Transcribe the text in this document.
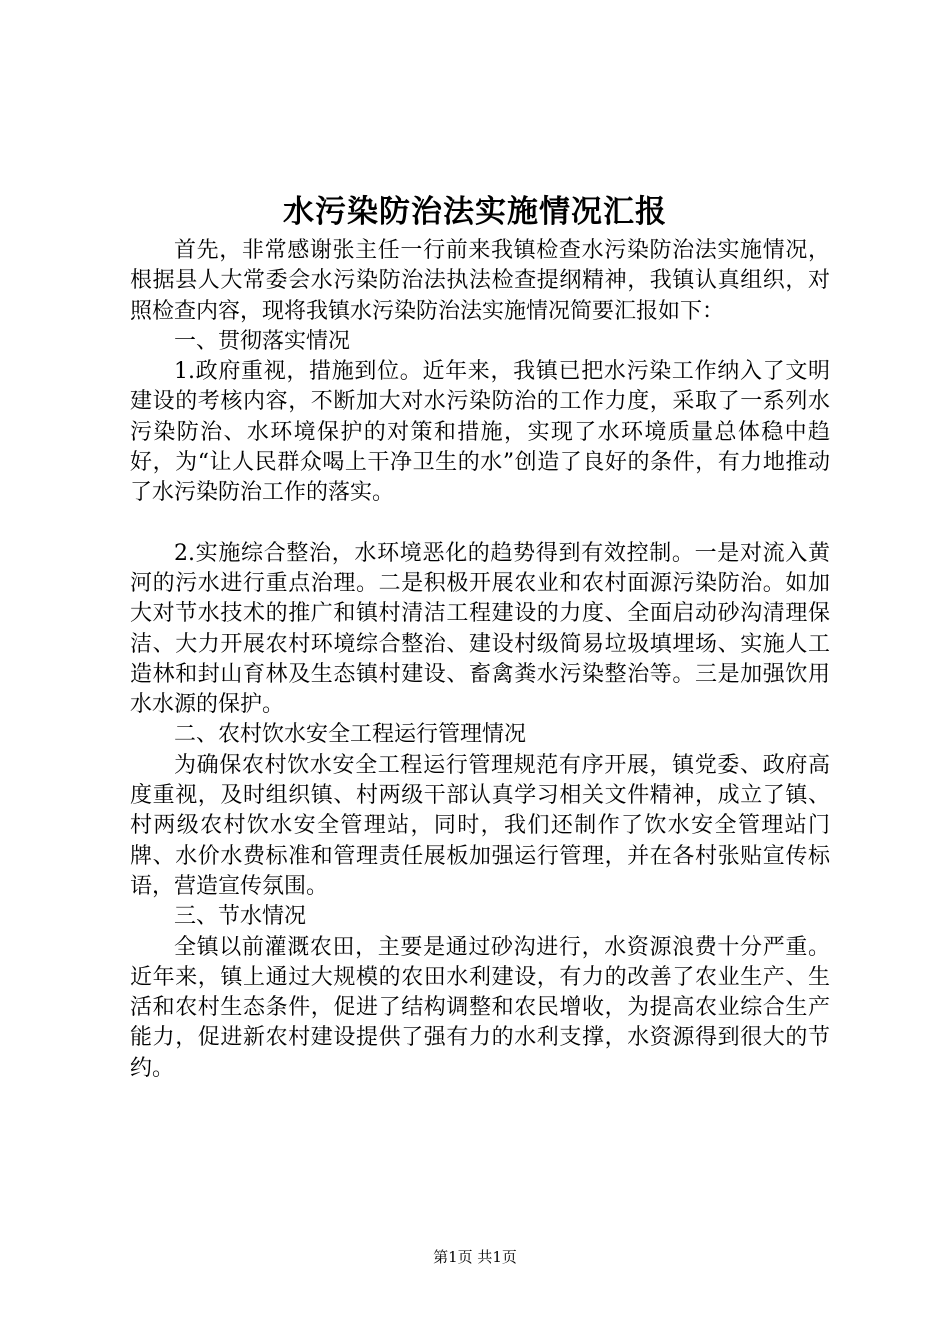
水污染防治法实施情况汇报

首先，非常感谢张主任一行前来我镇检查水污染防治法实施情况，根据县人大常委会水污染防治法执法检查提纲精神，我镇认真组织，对照检查内容，现将我镇水污染防治法实施情况简要汇报如下：

一、贯彻落实情况

1.政府重视，措施到位。近年来，我镇已把水污染工作纳入了文明建设的考核内容，不断加大对水污染防治的工作力度，采取了一系列水污染防治、水环境保护的对策和措施，实现了水环境质量总体稳中趋好，为“让人民群众喝上干净卫生的水”创造了良好的条件，有力地推动了水污染防治工作的落实。

2.实施综合整治，水环境恶化的趋势得到有效控制。一是对流入黄河的污水进行重点治理。二是积极开展农业和农村面源污染防治。如加大对节水技术的推广和镇村清洁工程建设的力度、全面启动砂沟清理保洁、大力开展农村环境综合整治、建设村级简易垃圾填埋场、实施人工造林和封山育林及生态镇村建设、畜禽粪水污染整治等。三是加强饮用水水源的保护。

二、农村饮水安全工程运行管理情况

为确保农村饮水安全工程运行管理规范有序开展，镇党委、政府高度重视，及时组织镇、村两级干部认真学习相关文件精神，成立了镇、村两级农村饮水安全管理站，同时，我们还制作了饮水安全管理站门牌、水价水费标准和管理责任展板加强运行管理，并在各村张贴宣传标语，营造宣传氛围。

三、节水情况

全镇以前灌溉农田，主要是通过砂沟进行，水资源浪费十分严重。近年来，镇上通过大规模的农田水利建设，有力的改善了农业生产、生活和农村生态条件，促进了结构调整和农民增收，为提高农业综合生产能力，促进新农村建设提供了强有力的水利支撑，水资源得到很大的节约。

第1页 共1页
